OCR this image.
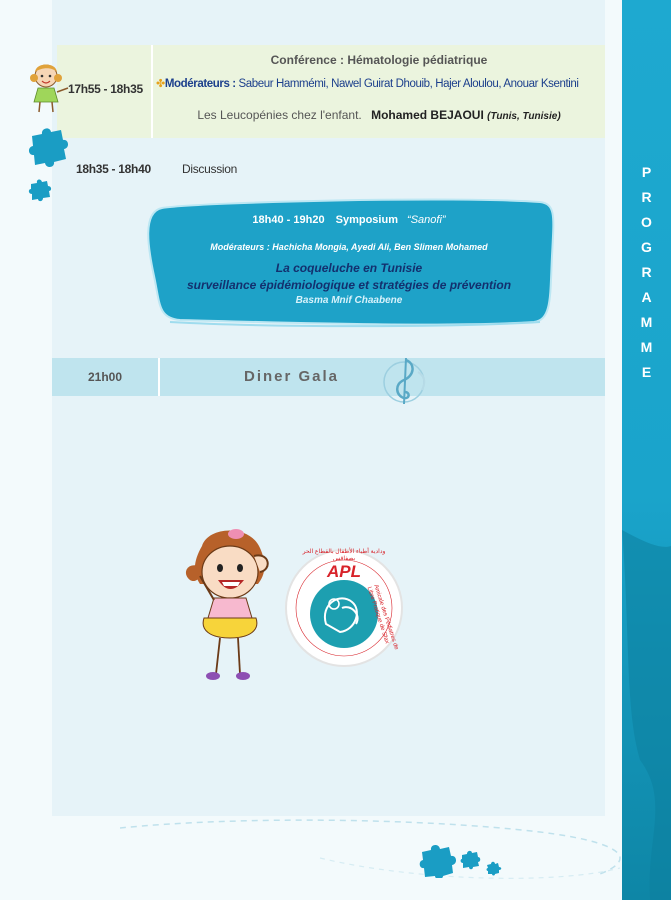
P
R
O
G
R
A
M
M
E
17h55 - 18h35
Conférence : Hématologie pédiatrique
✤Modérateurs : Sabeur Hammémi, Nawel Guirat Dhouib, Hajer Aloulou, Anouar Ksentini
Les Leucopénies chez l'enfant. Mohamed BEJAOUI (Tunis, Tunisie)
18h35 - 18h40	Discussion
18h40 - 19h20 Symposium “Sanofi”
Modérateurs : Hachicha Mongia, Ayedi Ali, Ben Slimen Mohamed
La coqueluche en Tunisie
surveillance épidémiologique et stratégies de prévention
Basma Mnif Chaabene
21h00	Diner Gala
APL
Amicale des Pédiatres de Libre Pratique de Sfax
ودادية أطباء الأطفال بالقطاع الحر بصفاقس
